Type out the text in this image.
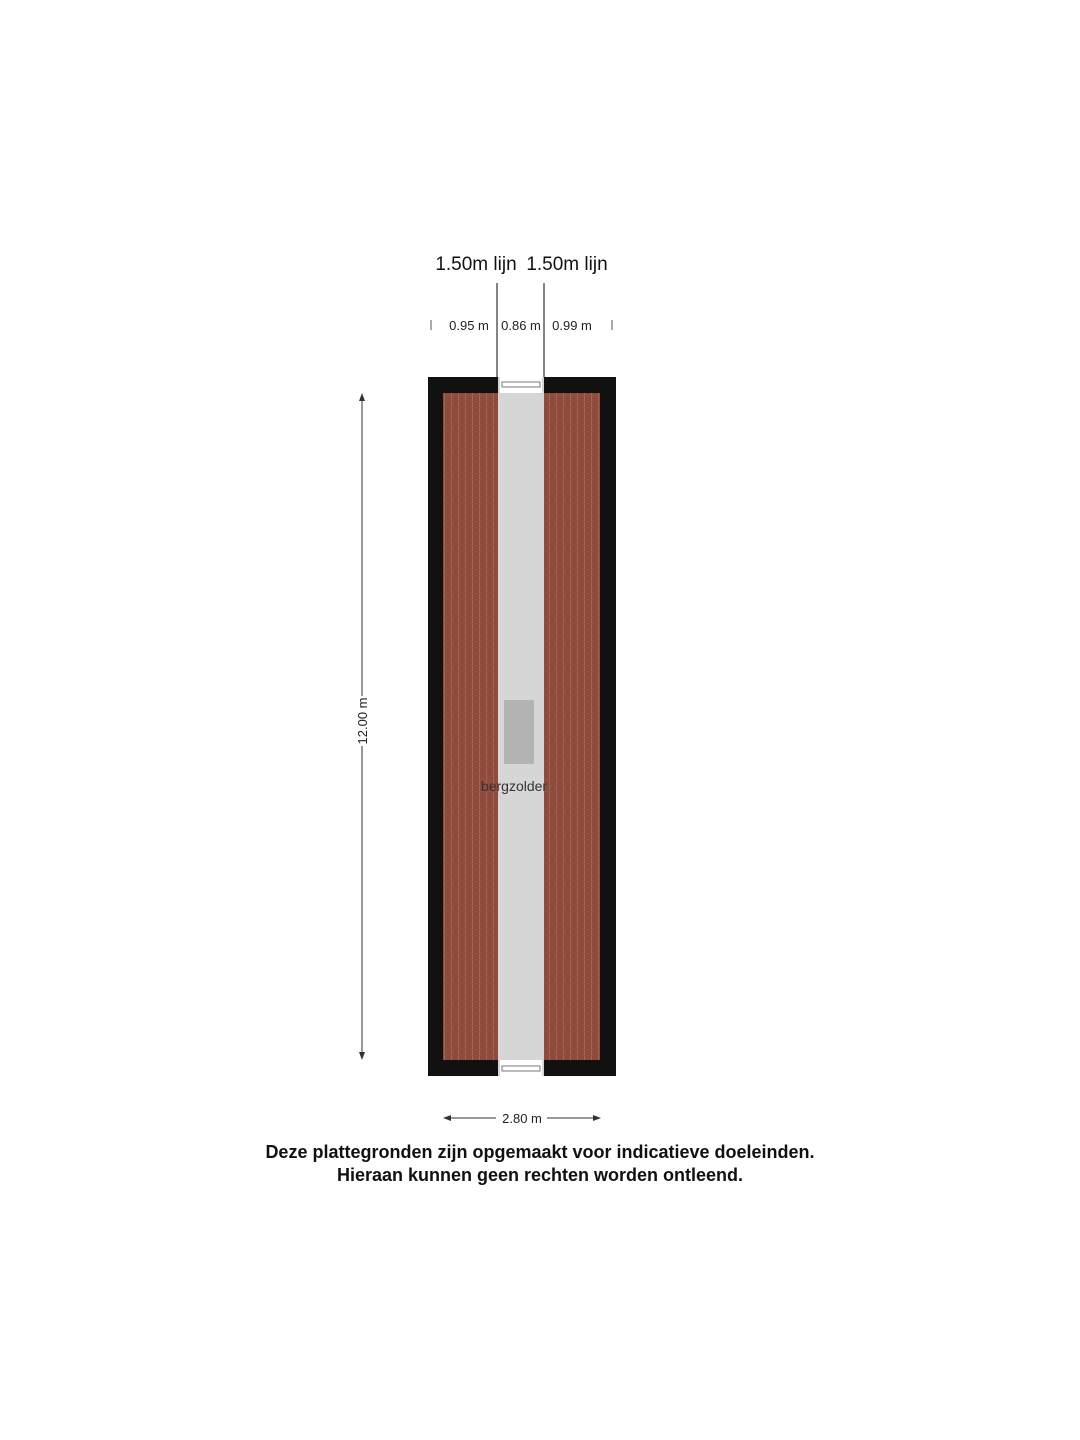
1.50m lijn 1.50m lijn
0.95 m 0.86 m 0.99 m
12.00 m
2.80 m
bergzolder
Deze plattegronden zijn opgemaakt voor indicatieve doeleinden.
Hieraan kunnen geen rechten worden ontleend.
